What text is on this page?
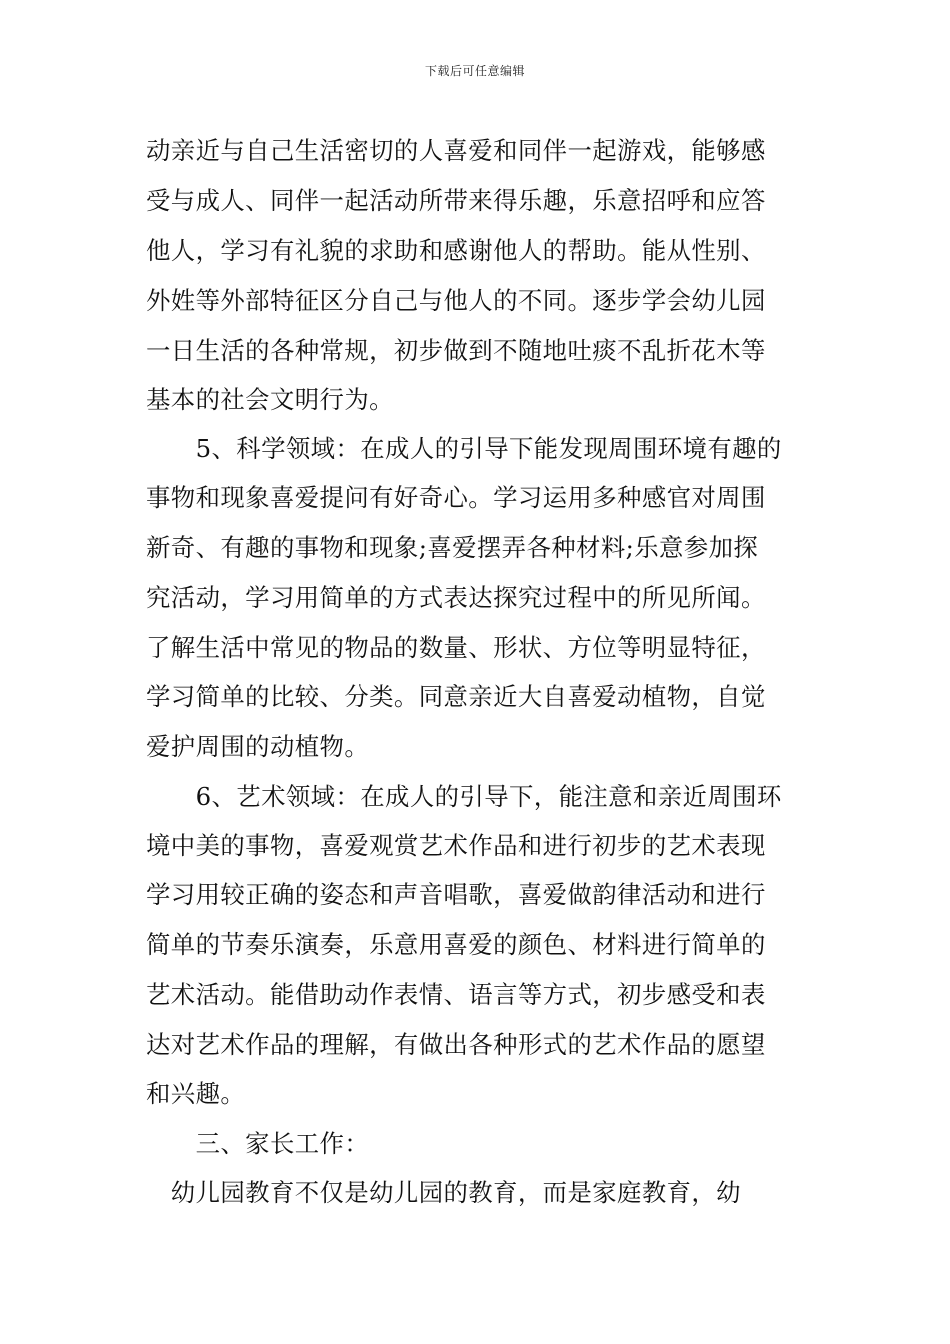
下载后可任意编辑
动亲近与自己生活密切的人喜爱和同伴一起游戏，能够感
受与成人、同伴一起活动所带来得乐趣，乐意招呼和应答
他人，学习有礼貌的求助和感谢他人的帮助。能从性别、
外姓等外部特征区分自己与他人的不同。逐步学会幼儿园
一日生活的各种常规，初步做到不随地吐痰不乱折花木等
基本的社会文明行为。
　　5、科学领域：在成人的引导下能发现周围环境有趣的
事物和现象喜爱提问有好奇心。学习运用多种感官对周围
新奇、有趣的事物和现象;喜爱摆弄各种材料;乐意参加探
究活动，学习用简单的方式表达探究过程中的所见所闻。
了解生活中常见的物品的数量、形状、方位等明显特征，
学习简单的比较、分类。同意亲近大自喜爱动植物，自觉
爱护周围的动植物。
　　6、艺术领域：在成人的引导下，能注意和亲近周围环
境中美的事物，喜爱观赏艺术作品和进行初步的艺术表现
学习用较正确的姿态和声音唱歌，喜爱做韵律活动和进行
简单的节奏乐演奏，乐意用喜爱的颜色、材料进行简单的
艺术活动。能借助动作表情、语言等方式，初步感受和表
达对艺术作品的理解，有做出各种形式的艺术作品的愿望
和兴趣。
　　三、家长工作：
　幼儿园教育不仅是幼儿园的教育，而是家庭教育，幼
